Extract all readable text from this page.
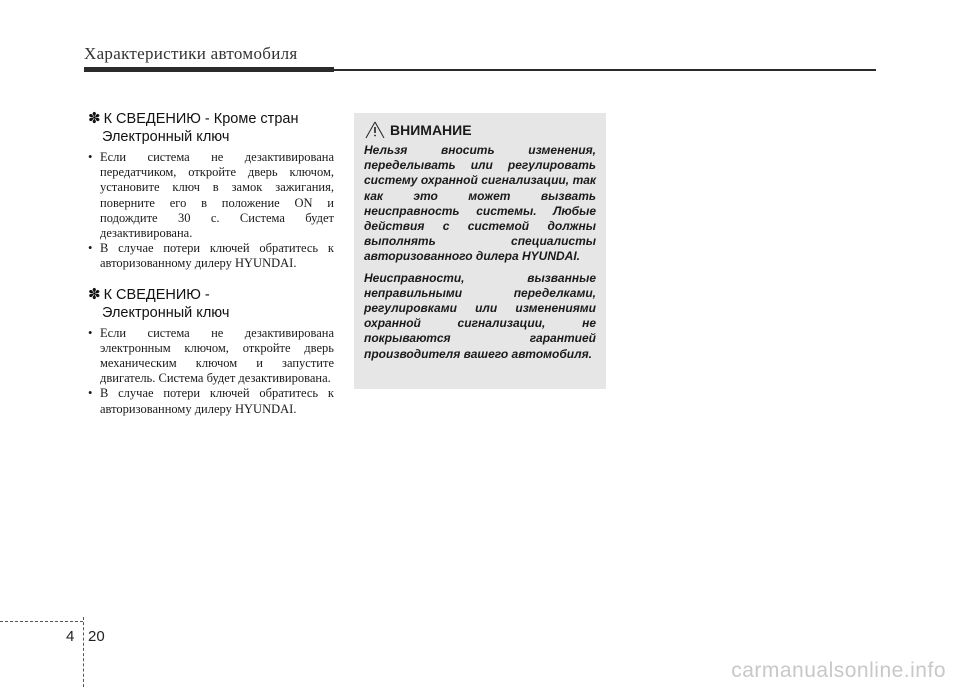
Характеристики автомобиля
✽ К СВЕДЕНИЮ - Кроме стран
Электронный ключ
• Если система не дезактивирована передатчиком, откройте дверь ключом, установите ключ в замок зажигания, поверните его в положение ON и подождите 30 с. Система будет дезактивирована.
• В случае потери ключей обратитесь к авторизованному дилеру HYUNDAI.
✽ К СВЕДЕНИЮ -
Электронный ключ
• Если система не дезактивирована электронным ключом, откройте дверь механическим ключом и запустите двигатель. Система будет дезактивирована.
• В случае потери ключей обратитесь к авторизованному дилеру HYUNDAI.
ВНИМАНИЕ

Нельзя вносить изменения, переделывать или регулировать систему охранной сигнализации, так как это может вызвать неисправность системы. Любые действия с системой должны выполнять специалисты авторизованного дилера HYUNDAI.

Неисправности, вызванные неправильными переделками, регулировками или изменениями охранной сигнализации, не покрываются гарантией производителя вашего автомобиля.

4 20
carmanualsonline.info
